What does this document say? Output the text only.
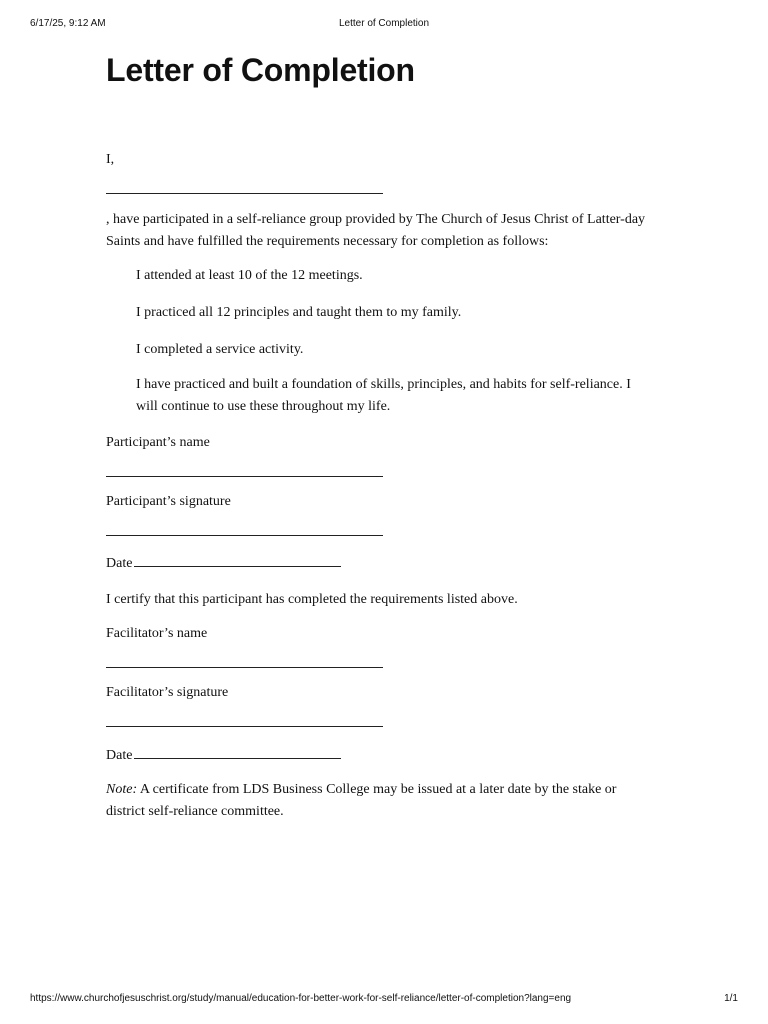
6/17/25, 9:12 AM	Letter of Completion
Letter of Completion

I,

, have participated in a self-reliance group provided by The Church of Jesus Christ of Latter-day Saints and have fulfilled the requirements necessary for completion as follows:

I attended at least 10 of the 12 meetings.

I practiced all 12 principles and taught them to my family.

I completed a service activity.

I have practiced and built a foundation of skills, principles, and habits for self-reliance. I will continue to use these throughout my life.

Participant’s name

Participant’s signature

Date

I certify that this participant has completed the requirements listed above.

Facilitator’s name

Facilitator’s signature

Date

Note: A certificate from LDS Business College may be issued at a later date by the stake or district self-reliance committee.

https://www.churchofjesuschrist.org/study/manual/education-for-better-work-for-self-reliance/letter-of-completion?lang=eng	1/1
